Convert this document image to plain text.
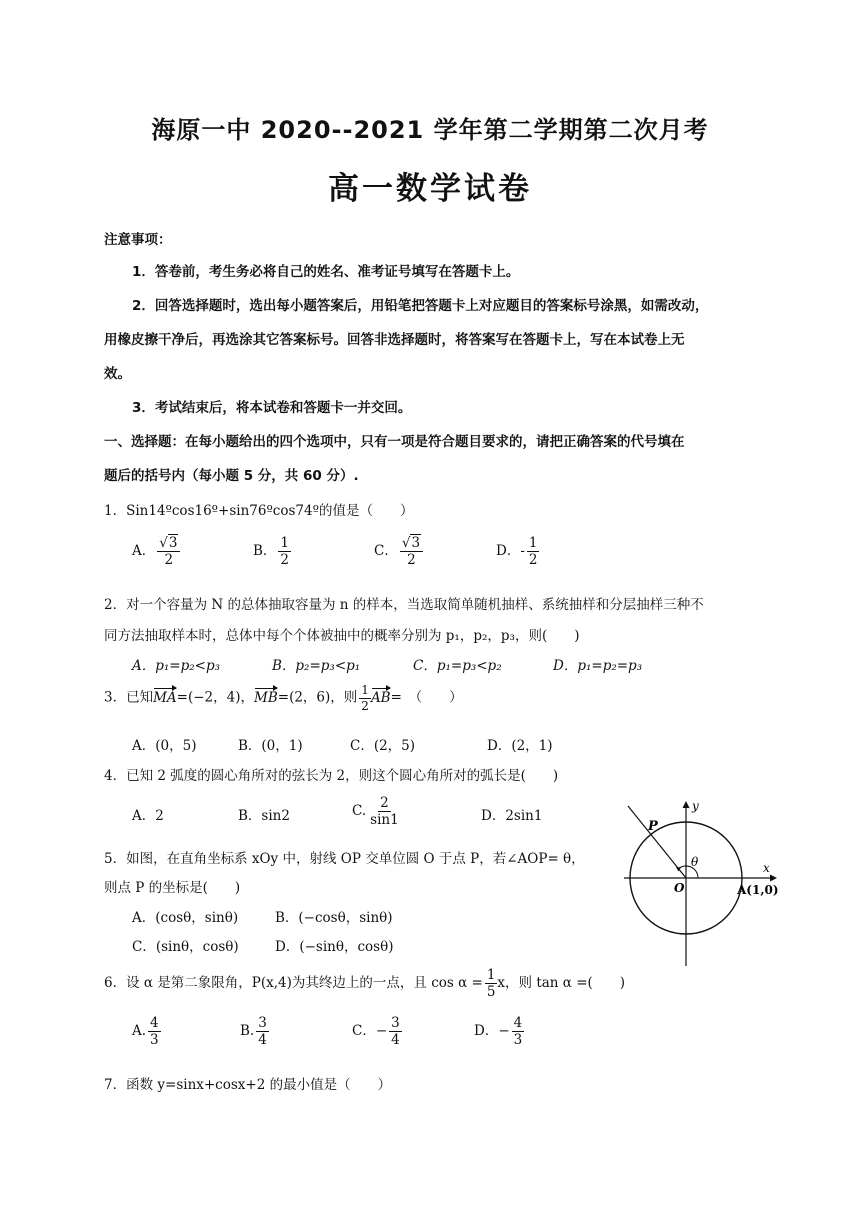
海原一中 2020--2021 学年第二学期第二次月考
高一数学试卷
注意事项：
1．答卷前，考生务必将自己的姓名、准考证号填写在答题卡上。
2．回答选择题时，选出每小题答案后，用铅笔把答题卡上对应题目的答案标号涂黑，如需改动，
用橡皮擦干净后，再选涂其它答案标号。回答非选择题时，将答案写在答题卡上，写在本试卷上无
效。
3．考试结束后，将本试卷和答题卡一并交回。
一、选择题：在每小题给出的四个选项中，只有一项是符合题目要求的，请把正确答案的代号填在
题后的括号内（每小题 5 分，共 60 分）.
1．Sin14ºcos16º+sin76ºcos74º的值是（　　）
A． $\frac{√3}{2}$	B． $\frac{1}{2}$	C． $\frac{√3}{2}$	D．- $\frac{1}{2}$
2．对一个容量为 N 的总体抽取容量为 n 的样本，当选取简单随机抽样、系统抽样和分层抽样三种不
同方法抽取样本时，总体中每个个体被抽中的概率分别为 p₁，p₂，p₃，则(　　)
A．p₁=p₂<p₃	B．p₂=p₃<p₁	C．p₁=p₃<p₂	D．p₁=p₂=p₃
3．已知MA=(−2，4)，MB=(2，6)，则 $\frac{1}{2} AB=$　（　　）
A．(0，5)	B．(0，1)	C．(2，5)	D．(2，1)
4．已知 2 弧度的圆心角所对的弦长为 2，则这个圆心角所对的弧长是(　　)
A．2	B．sin2	C. $\frac{2}{\sin 1}$	D．2sin1
5．如图，在直角坐标系 xOy 中，射线 OP 交单位圆 O 于点 P，若∠AOP= θ，
则点 P 的坐标是(　　)
A．(cosθ，sinθ)	B．(−cosθ，sinθ)
C．(sinθ，cosθ)	D．(−sinθ，cosθ)
y
x
P
O
θ
A(1,0)
6．设 α 是第二象限角，P(x,4)为其终边上的一点，且 $\cos \alpha = \frac{1}{5}$ x，则 tan α =(　　)
A. $\frac{4}{3}$	B. $\frac{3}{4}$	C．− $\frac{3}{4}$	D．− $\frac{4}{3}$
7．函数 y=sinx+cosx+2 的最小值是（　　）
